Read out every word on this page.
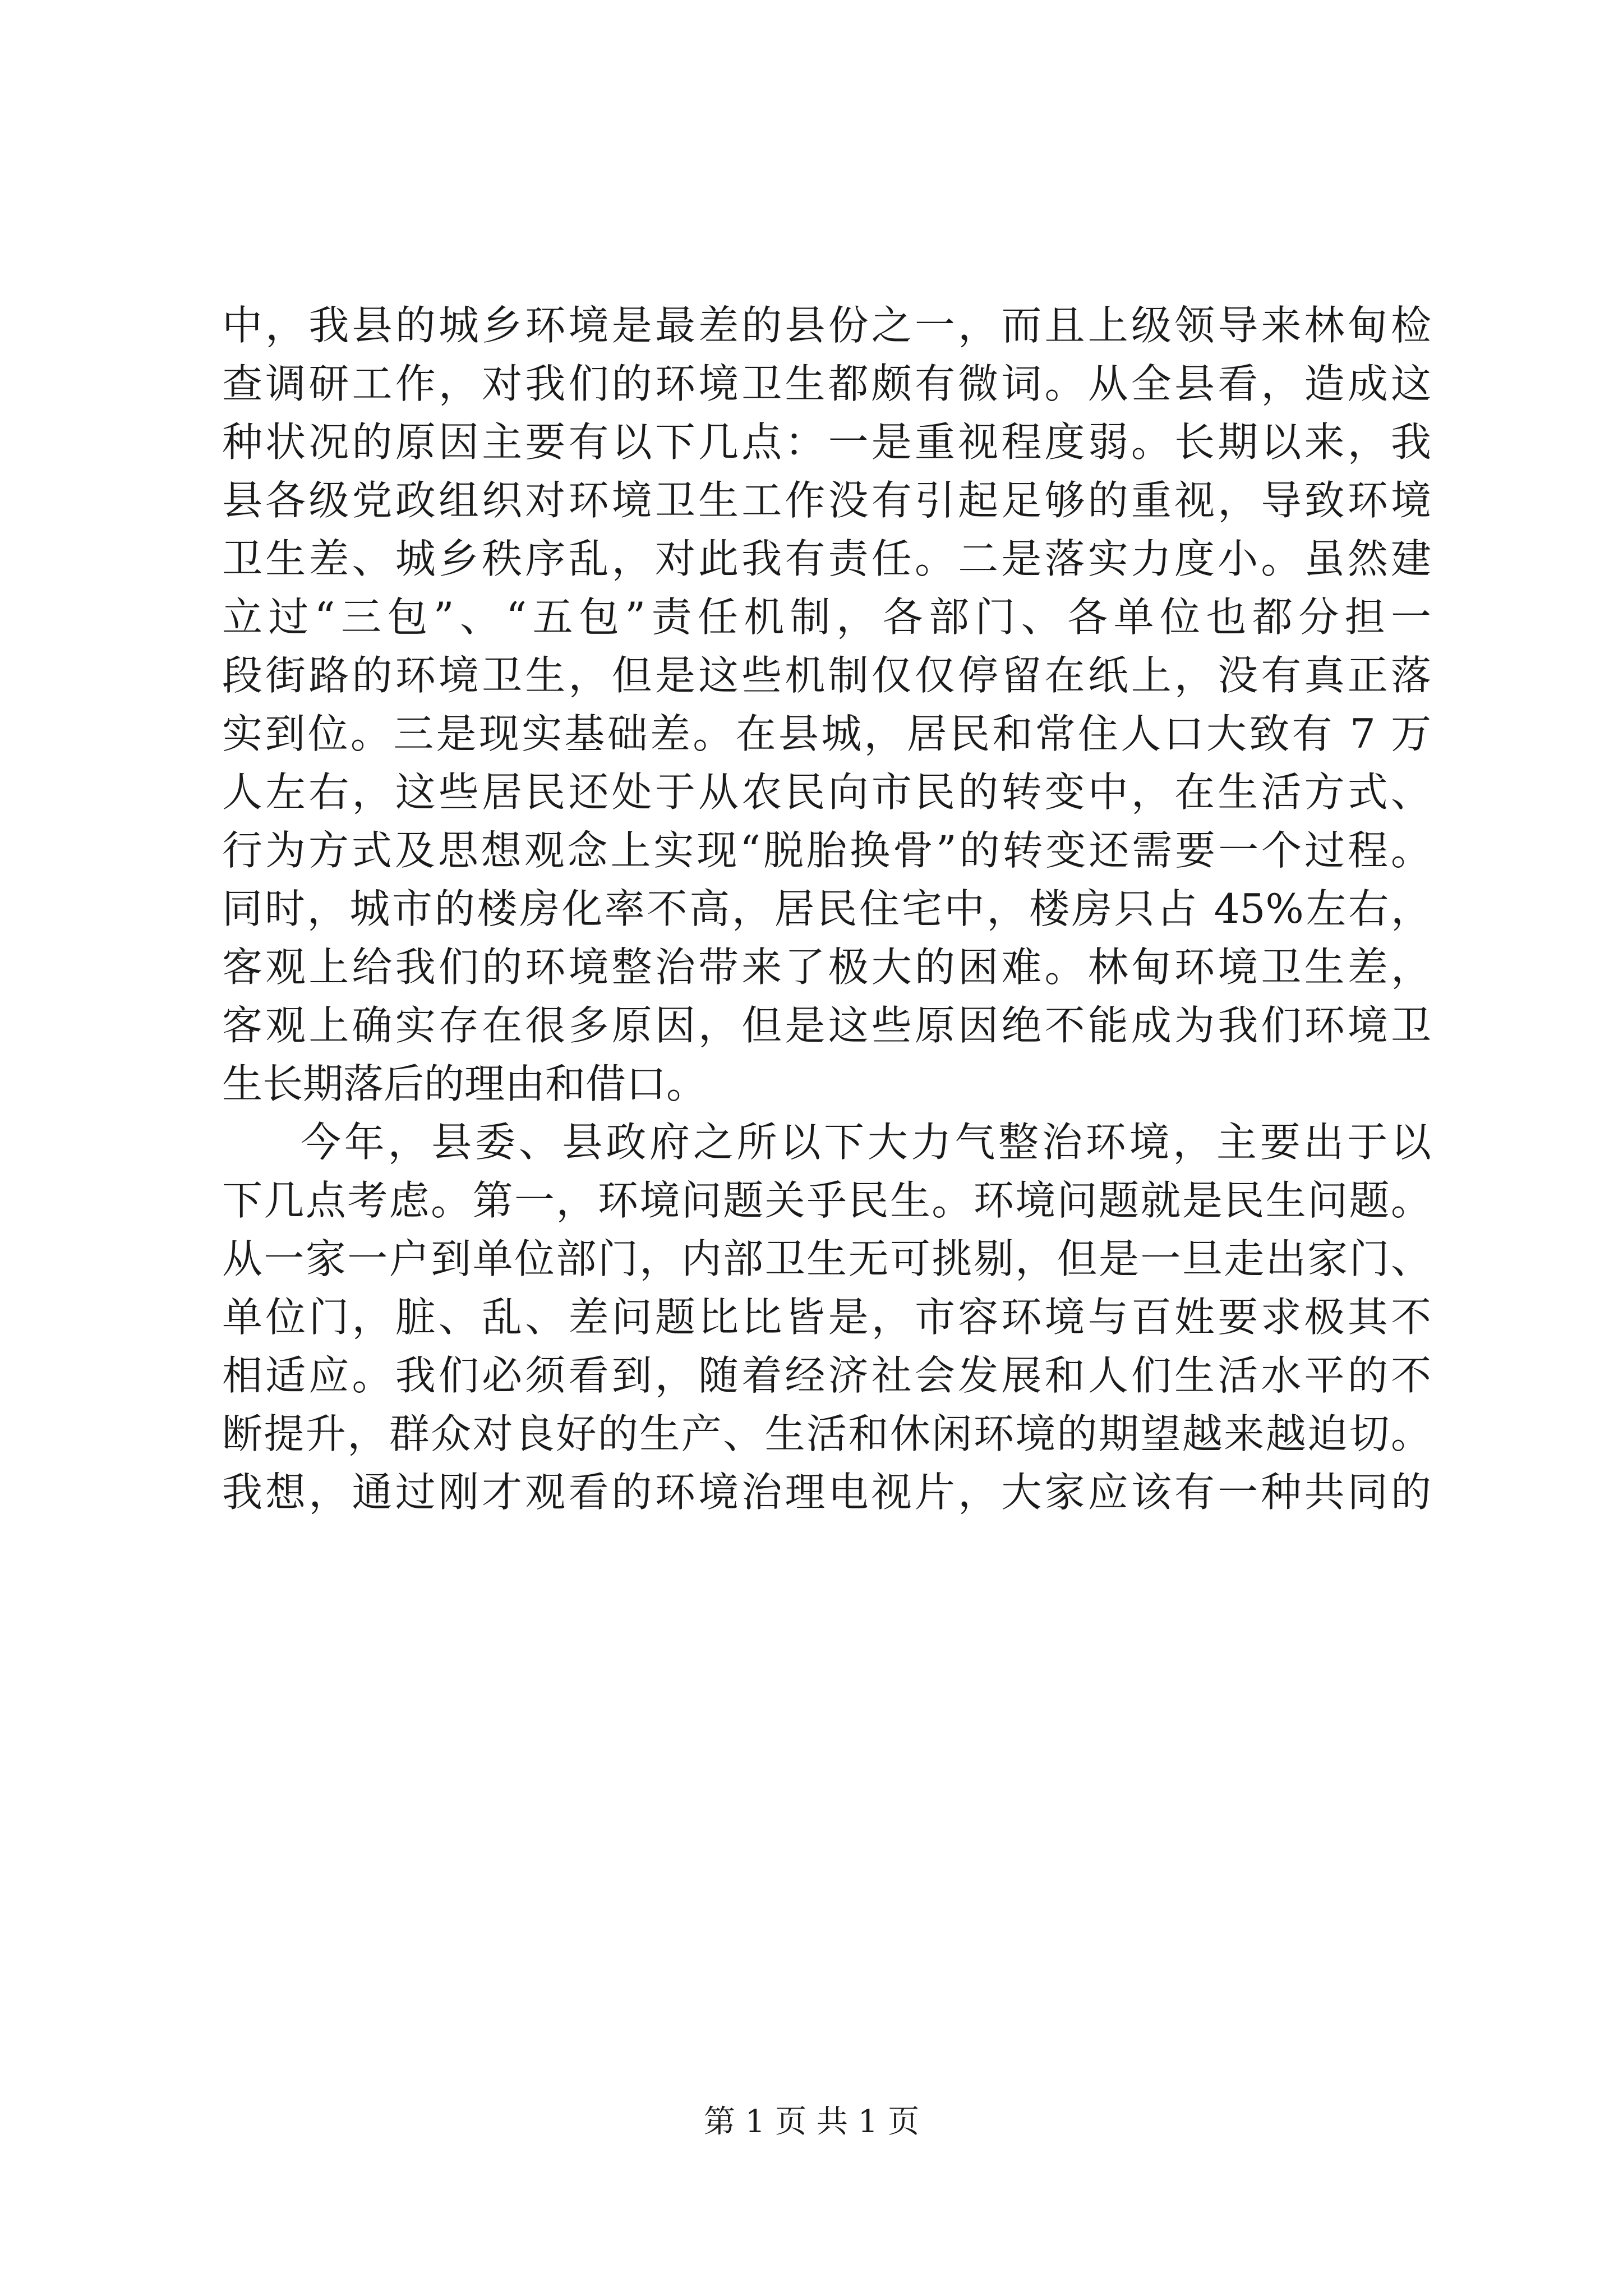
中，我县的城乡环境是最差的县份之一，而且上级领导来林甸检
查调研工作，对我们的环境卫生都颇有微词。从全县看，造成这
种状况的原因主要有以下几点：一是重视程度弱。长期以来，我
县各级党政组织对环境卫生工作没有引起足够的重视，导致环境
卫生差、城乡秩序乱，对此我有责任。二是落实力度小。虽然建
立过“三包”、“五包”责任机制，各部门、各单位也都分担一
段街路的环境卫生，但是这些机制仅仅停留在纸上，没有真正落
实到位。三是现实基础差。在县城，居民和常住人口大致有 7 万
人左右，这些居民还处于从农民向市民的转变中，在生活方式、
行为方式及思想观念上实现“脱胎换骨”的转变还需要一个过程。
同时，城市的楼房化率不高，居民住宅中，楼房只占 45%左右，
客观上给我们的环境整治带来了极大的困难。林甸环境卫生差，
客观上确实存在很多原因，但是这些原因绝不能成为我们环境卫
生长期落后的理由和借口。
今年，县委、县政府之所以下大力气整治环境，主要出于以
下几点考虑。第一，环境问题关乎民生。环境问题就是民生问题。
从一家一户到单位部门，内部卫生无可挑剔，但是一旦走出家门、
单位门，脏、乱、差问题比比皆是，市容环境与百姓要求极其不
相适应。我们必须看到，随着经济社会发展和人们生活水平的不
断提升，群众对良好的生产、生活和休闲环境的期望越来越迫切。
我想，通过刚才观看的环境治理电视片，大家应该有一种共同的
第 1 页 共 1 页
